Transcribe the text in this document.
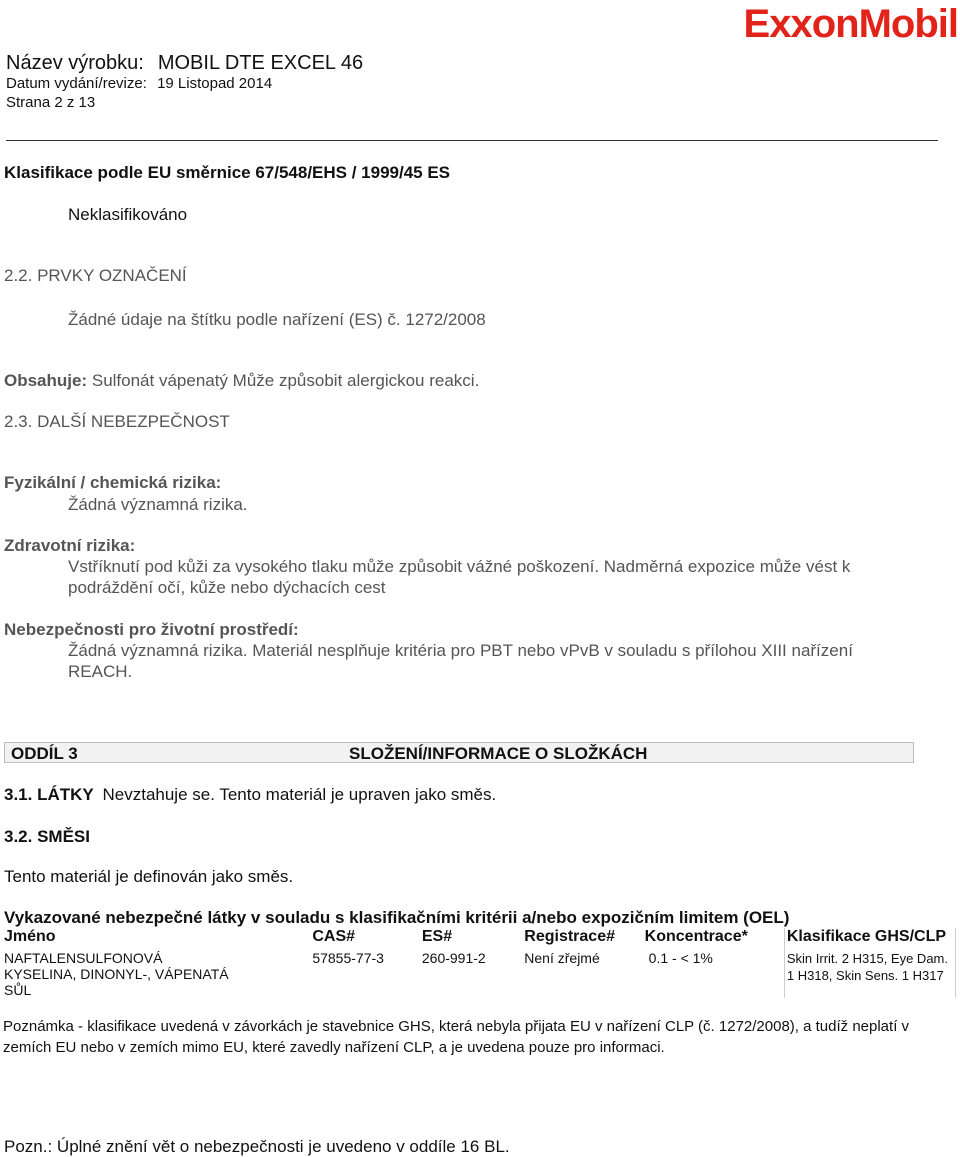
ExxonMobil
Název výrobku: MOBIL DTE EXCEL 46
Datum vydání/revize: 19 Listopad 2014
Strana 2 z 13
Klasifikace podle EU směrnice 67/548/EHS / 1999/45 ES
Neklasifikováno
2.2. PRVKY OZNAČENÍ
Žádné údaje na štítku podle nařízení (ES) č. 1272/2008
Obsahuje: Sulfonát vápenatý Může způsobit alergickou reakci.
2.3. DALŠÍ NEBEZPEČNOST
Fyzikální / chemická rizika:
Žádná významná rizika.
Zdravotní rizika:
Vstříknutí pod kůži za vysokého tlaku může způsobit vážné poškození. Nadměrná expozice může vést k
podráždění očí, kůže nebo dýchacích cest
Nebezpečnosti pro životní prostředí:
Žádná významná rizika. Materiál nesplňuje kritéria pro PBT nebo vPvB v souladu s přílohou XIII nařízení
REACH.
ODDÍL 3	SLOŽENÍ/INFORMACE O SLOŽKÁCH
3.1. LÁTKY Nevztahuje se. Tento materiál je upraven jako směs.
3.2. SMĚSI
Tento materiál je definován jako směs.
Vykazované nebezpečné látky v souladu s klasifikačními kritérii a/nebo expozičním limitem (OEL)
Jméno	CAS#	ES#	Registrace#	Koncentrace*	Klasifikace GHS/CLP
NAFTALENSULFONOVÁ KYSELINA, DINONYL-, VÁPENATÁ SŮL	57855-77-3	260-991-2	Není zřejmé	0.1 - < 1%	Skin Irrit. 2 H315, Eye Dam. 1 H318, Skin Sens. 1 H317
Poznámka - klasifikace uvedená v závorkách je stavebnice GHS, která nebyla přijata EU v nařízení CLP (č. 1272/2008), a tudíž neplatí v zemích EU nebo v zemích mimo EU, které zavedly nařízení CLP, a je uvedena pouze pro informaci.
Pozn.: Úplné znění vět o nebezpečnosti je uvedeno v oddíle 16 BL.
